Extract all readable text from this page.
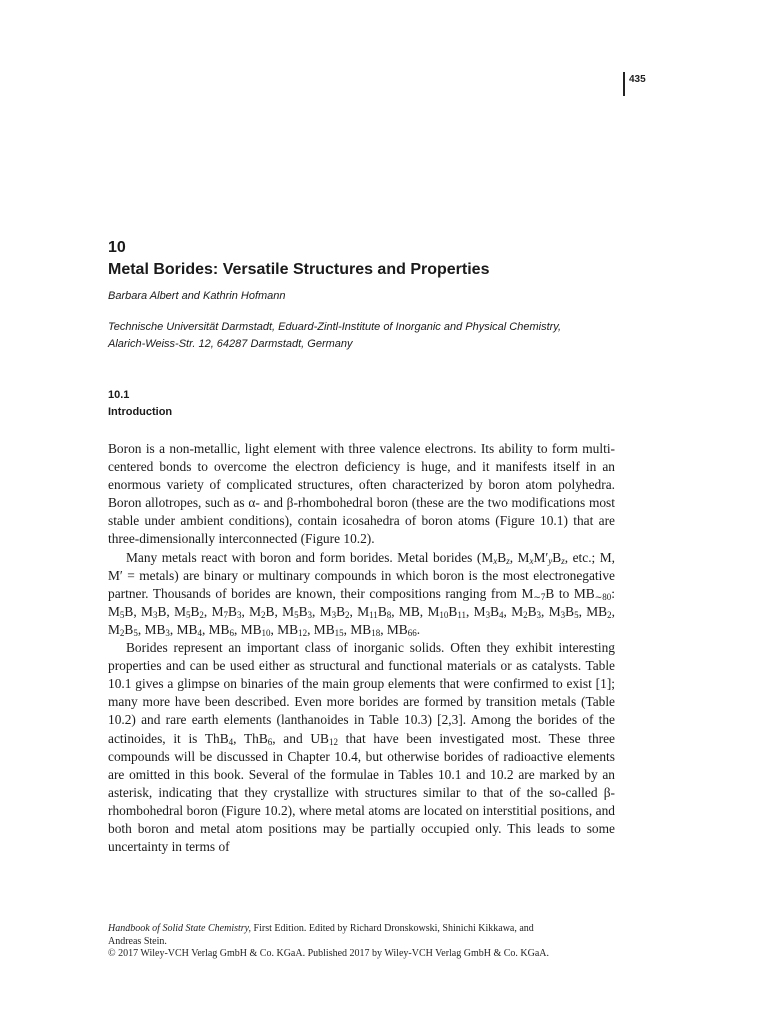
435
10
Metal Borides: Versatile Structures and Properties
Barbara Albert and Kathrin Hofmann
Technische Universität Darmstadt, Eduard-Zintl-Institute of Inorganic and Physical Chemistry,
Alarich-Weiss-Str. 12, 64287 Darmstadt, Germany
10.1
Introduction

Boron is a non-metallic, light element with three valence electrons. Its ability to form multi-centered bonds to overcome the electron deficiency is huge, and it manifests itself in an enormous variety of complicated structures, often characterized by boron atom polyhedra. Boron allotropes, such as α- and β-rhombohedral boron (these are the two modifications most stable under ambient conditions), contain icosahedra of boron atoms (Figure 10.1) that are three-dimensionally interconnected (Figure 10.2).

Many metals react with boron and form borides. Metal borides ($M_xB_z$, $M_xM'_yB_z$, etc.; M, M′ = metals) are binary or multinary compounds in which boron is the most electronegative partner. Thousands of borides are known, their compositions ranging from $M_{\sim 7}B$ to $MB_{\sim 80}$: $M_5B$, $M_3B$, $M_5B_2$, $M_7B_3$, $M_2B$, $M_5B_3$, $M_3B_2$, $M_{11}B_8$, MB, $M_{10}B_{11}$, $M_3B_4$, $M_2B_3$, $M_3B_5$, $MB_2$, $M_2B_5$, $MB_3$, $MB_4$, $MB_6$, $MB_{10}$, $MB_{12}$, $MB_{15}$, $MB_{18}$, $MB_{66}$.

Borides represent an important class of inorganic solids. Often they exhibit interesting properties and can be used either as structural and functional materials or as catalysts. Table 10.1 gives a glimpse on binaries of the main group elements that were confirmed to exist [1]; many more have been described. Even more borides are formed by transition metals (Table 10.2) and rare earth elements (lanthanoides in Table 10.3) [2,3]. Among the borides of the actinoides, it is ThB$_4$, ThB$_6$, and $UB_{12}$ that have been investigated most. These three compounds will be discussed in Chapter 10.4, but otherwise borides of radioactive elements are omitted in this book. Several of the formulae in Tables 10.1 and 10.2 are marked by an asterisk, indicating that they crystallize with structures similar to that of the so-called β-rhombohedral boron (Figure 10.2), where metal atoms are located on interstitial positions, and both boron and metal atom positions may be partially occupied only. This leads to some uncertainty in terms of

Handbook of Solid State Chemistry, First Edition. Edited by Richard Dronskowski, Shinichi Kikkawa, and
Andreas Stein.
© 2017 Wiley-VCH Verlag GmbH & Co. KGaA. Published 2017 by Wiley-VCH Verlag GmbH & Co. KGaA.
